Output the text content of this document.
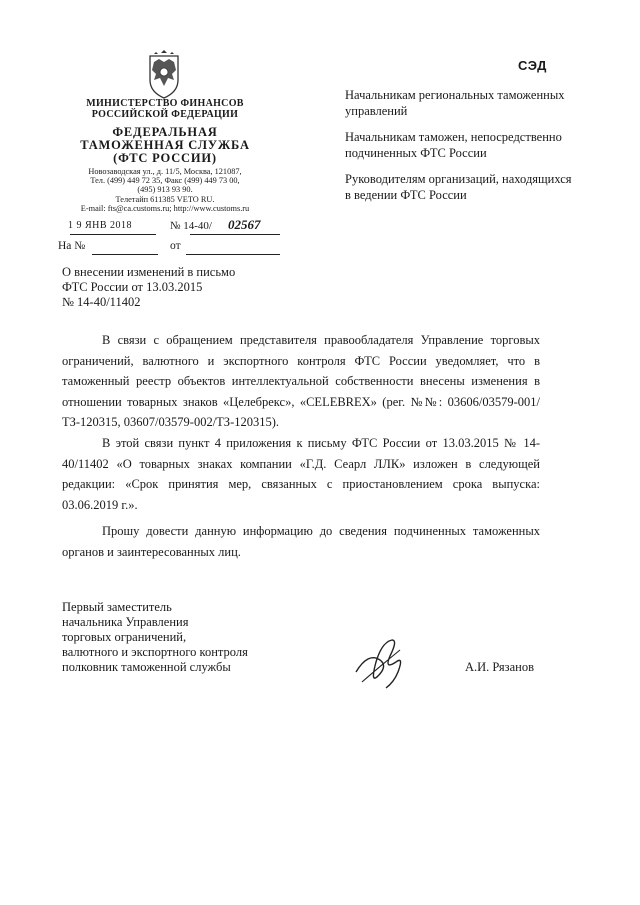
СЭД
МИНИСТЕРСТВО ФИНАНСОВ
РОССИЙСКОЙ ФЕДЕРАЦИИ
ФЕДЕРАЛЬНАЯ
ТАМОЖЕННАЯ СЛУЖБА
(ФТС РОССИИ)
Новозаводская ул., д. 11/5, Москва, 121087,
Тел. (499) 449 72 35, Факс (499) 449 73 00,
(495) 913 93 90.
Телетайп 611385 VETO RU.
E-mail: fts@ca.customs.ru; http://www.customs.ru
1 9 ЯНВ 2018	№ 14-40/ 02567
На №	от

Начальникам региональных таможенных управлений

Начальникам таможен, непосредственно подчиненных ФТС России

Руководителям организаций, находящихся в ведении ФТС России

О внесении изменений в письмо
ФТС России от 13.03.2015
№ 14-40/11402

В связи с обращением представителя правообладателя Управление торговых ограничений, валютного и экспортного контроля ФТС России уведомляет, что в таможенный реестр объектов интеллектуальной собственности внесены изменения в отношении товарных знаков «Целебрекс», «CELEBREX» (рег. №№: 03606/03579-001/ТЗ-120315, 03607/03579-002/ТЗ-120315).

В этой связи пункт 4 приложения к письму ФТС России от 13.03.2015 № 14-40/11402 «О товарных знаках компании «Г.Д. Сеарл ЛЛК» изложен в следующей редакции: «Срок принятия мер, связанных с приостановлением срока выпуска: 03.06.2019 г.».

Прошу довести данную информацию до сведения подчиненных таможенных органов и заинтересованных лиц.

Первый заместитель
начальника Управления
торговых ограничений,
валютного и экспортного контроля
полковник таможенной службы	А.И. Рязанов
